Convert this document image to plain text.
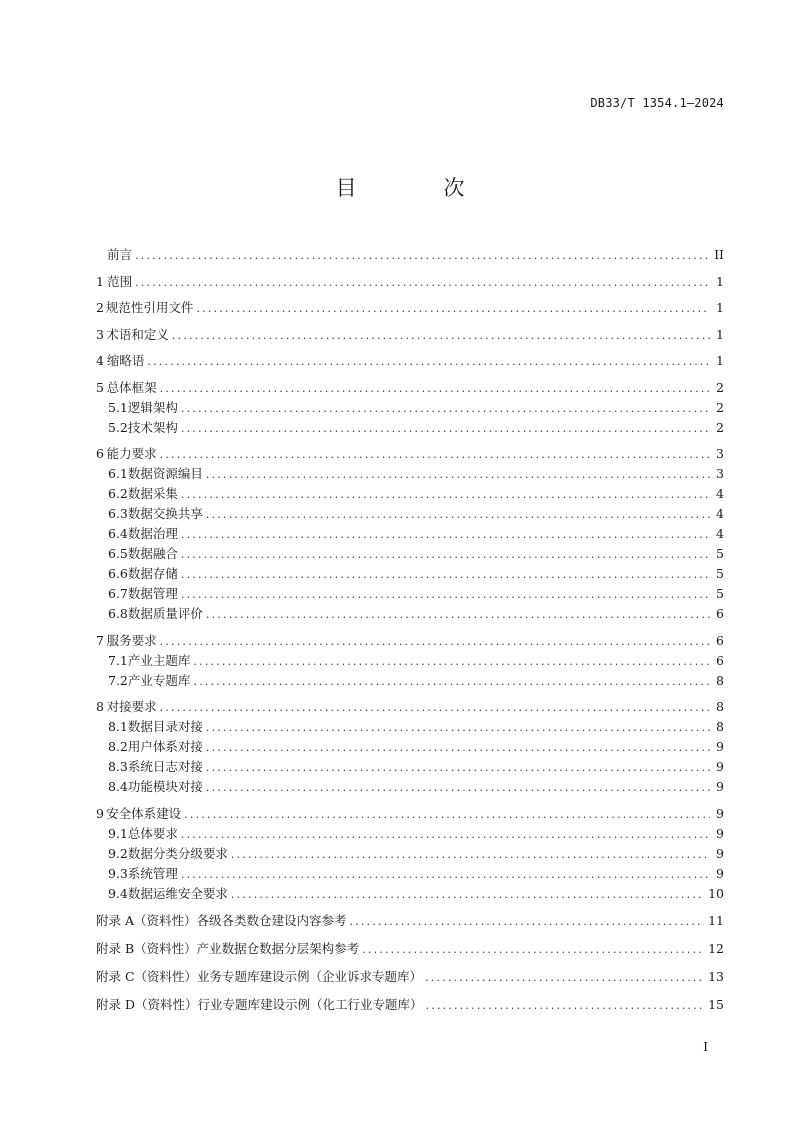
DB33/T 1354.1—2024
目 次
前言 .....	II
1 范围 .....	1
2 规范性引用文件 .....	1
3 术语和定义 .....	1
4 缩略语 .....	1
5 总体框架 .....	2
5.1 逻辑架构 .....	2
5.2 技术架构 .....	2
6 能力要求 .....	3
6.1 数据资源编目 .....	3
6.2 数据采集 .....	4
6.3 数据交换共享 .....	4
6.4 数据治理 .....	4
6.5 数据融合 .....	5
6.6 数据存储 .....	5
6.7 数据管理 .....	5
6.8 数据质量评价 .....	6
7 服务要求 .....	6
7.1 产业主题库 .....	6
7.2 产业专题库 .....	8
8 对接要求 .....	8
8.1 数据目录对接 .....	8
8.2 用户体系对接 .....	9
8.3 系统日志对接 .....	9
8.4 功能模块对接 .....	9
9 安全体系建设 .....	9
9.1 总体要求 .....	9
9.2 数据分类分级要求 .....	9
9.3 系统管理 .....	9
9.4 数据运维安全要求 .....	10
附录 A（资料性） 各级各类数仓建设内容参考 .....	11
附录 B（资料性） 产业数据仓数据分层架构参考 .....	12
附录 C（资料性） 业务专题库建设示例（企业诉求专题库） .....	13
附录 D（资料性） 行业专题库建设示例（化工行业专题库） .....	15
I
